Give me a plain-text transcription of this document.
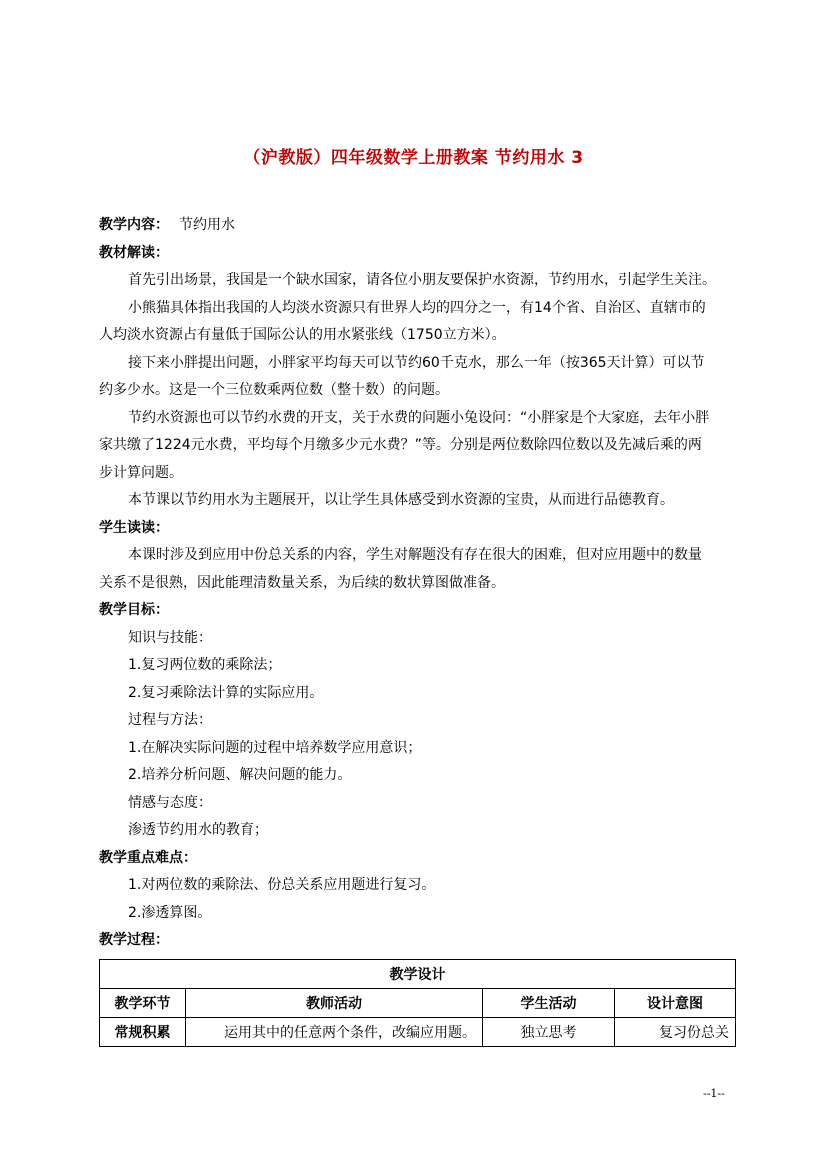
（沪教版）四年级数学上册教案 节约用水 3
教学内容： 节约用水
教材解读：
首先引出场景，我国是一个缺水国家，请各位小朋友要保护水资源，节约用水，引起学生关注。
小熊猫具体指出我国的人均淡水资源只有世界人均的四分之一，有14个省、自治区、直辖市的
人均淡水资源占有量低于国际公认的用水紧张线（1750立方米）。
接下来小胖提出问题，小胖家平均每天可以节约60千克水，那么一年（按365天计算）可以节
约多少水。这是一个三位数乘两位数（整十数）的问题。
节约水资源也可以节约水费的开支，关于水费的问题小兔设问：“小胖家是个大家庭，去年小胖
家共缴了1224元水费，平均每个月缴多少元水费？”等。分别是两位数除四位数以及先减后乘的两
步计算问题。
本节课以节约用水为主题展开，以让学生具体感受到水资源的宝贵，从而进行品德教育。
学生读读：
本课时涉及到应用中份总关系的内容，学生对解题没有存在很大的困难，但对应用题中的数量
关系不是很熟，因此能理清数量关系，为后续的数状算图做准备。
教学目标：
知识与技能：
1.复习两位数的乘除法；
2.复习乘除法计算的实际应用。
过程与方法：
1.在解决实际问题的过程中培养数学应用意识；
2.培养分析问题、解决问题的能力。
情感与态度：
渗透节约用水的教育；
教学重点难点：
1.对两位数的乘除法、份总关系应用题进行复习。
2.渗透算图。
教学过程：
教学设计			
教学环节	教师活动	学生活动	设计意图
常规积累	运用其中的任意两个条件，改编应用题。	独立思考	复习份总关
--1--
